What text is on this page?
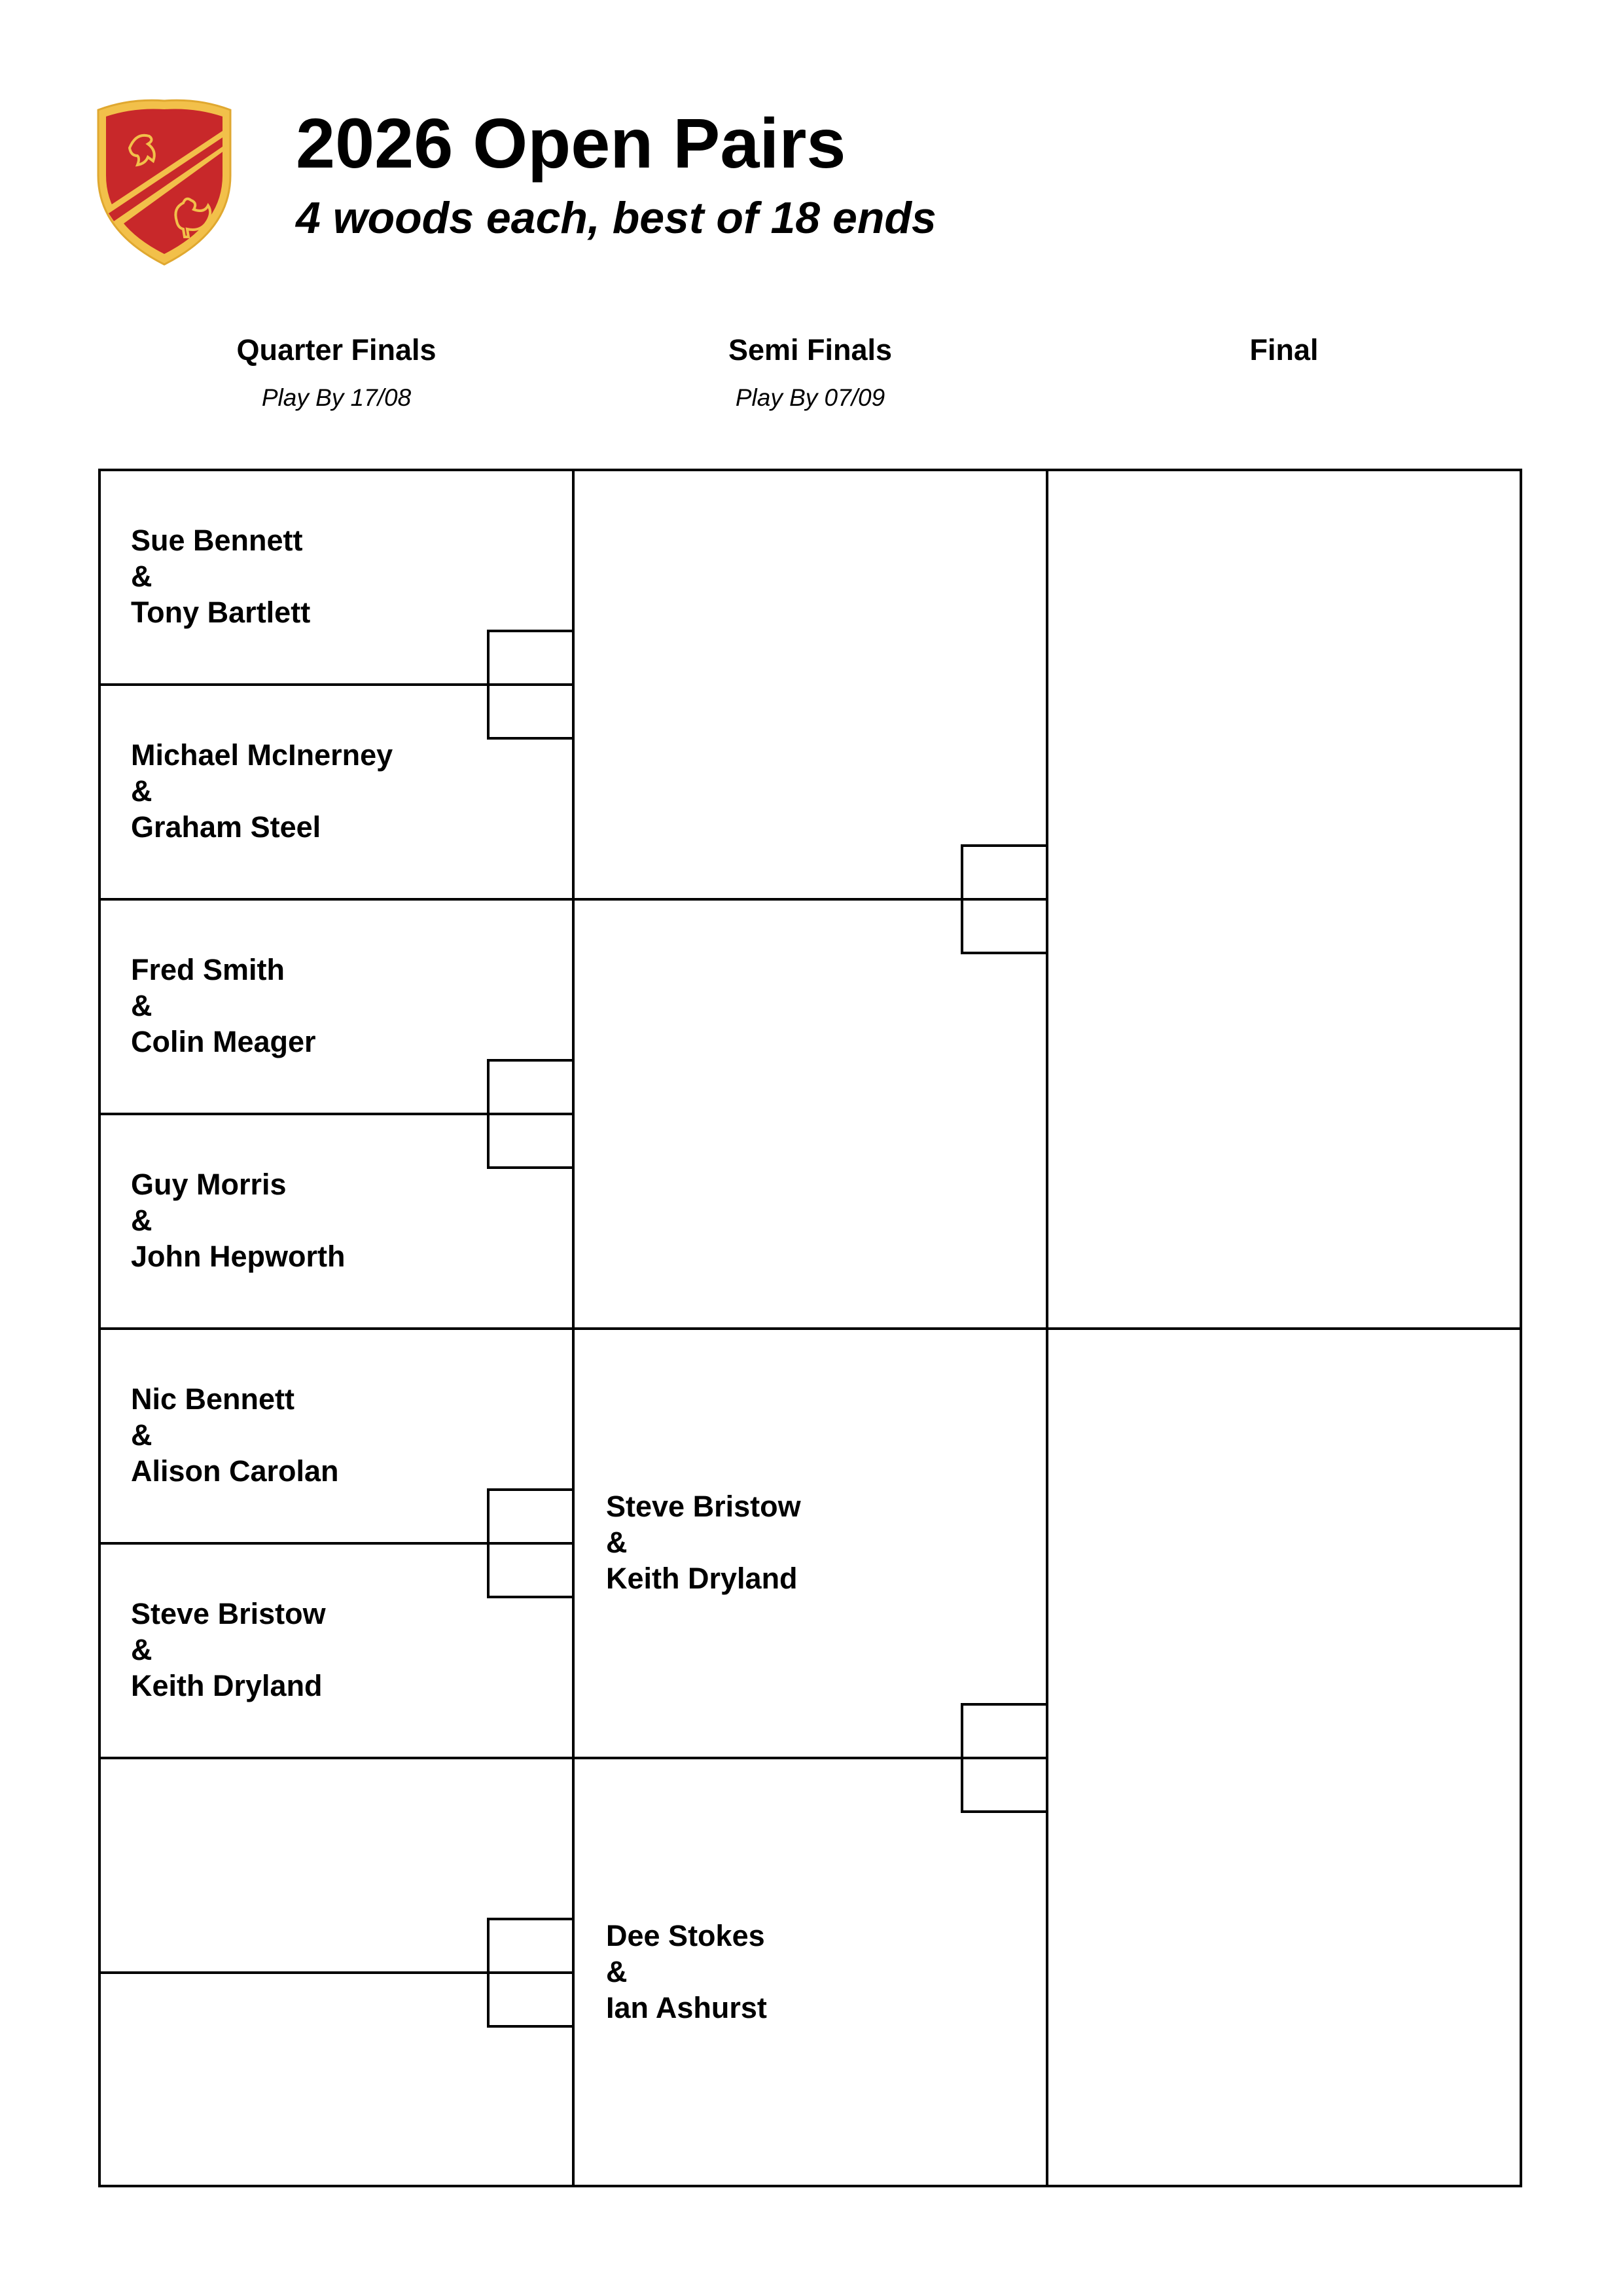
2026 Open Pairs

4 woods each, best of 18 ends

Quarter Finals
Play By 17/08
Semi Finals
Play By 07/09
Final
Sue Bennett
&
Tony Bartlett
Michael McInerney
&
Graham Steel
Fred Smith
&
Colin Meager
Guy Morris
&
John Hepworth
Nic Bennett
&
Alison Carolan
Steve Bristow
&
Keith Dryland
Steve Bristow
&
Keith Dryland
Dee Stokes
&
Ian Ashurst
